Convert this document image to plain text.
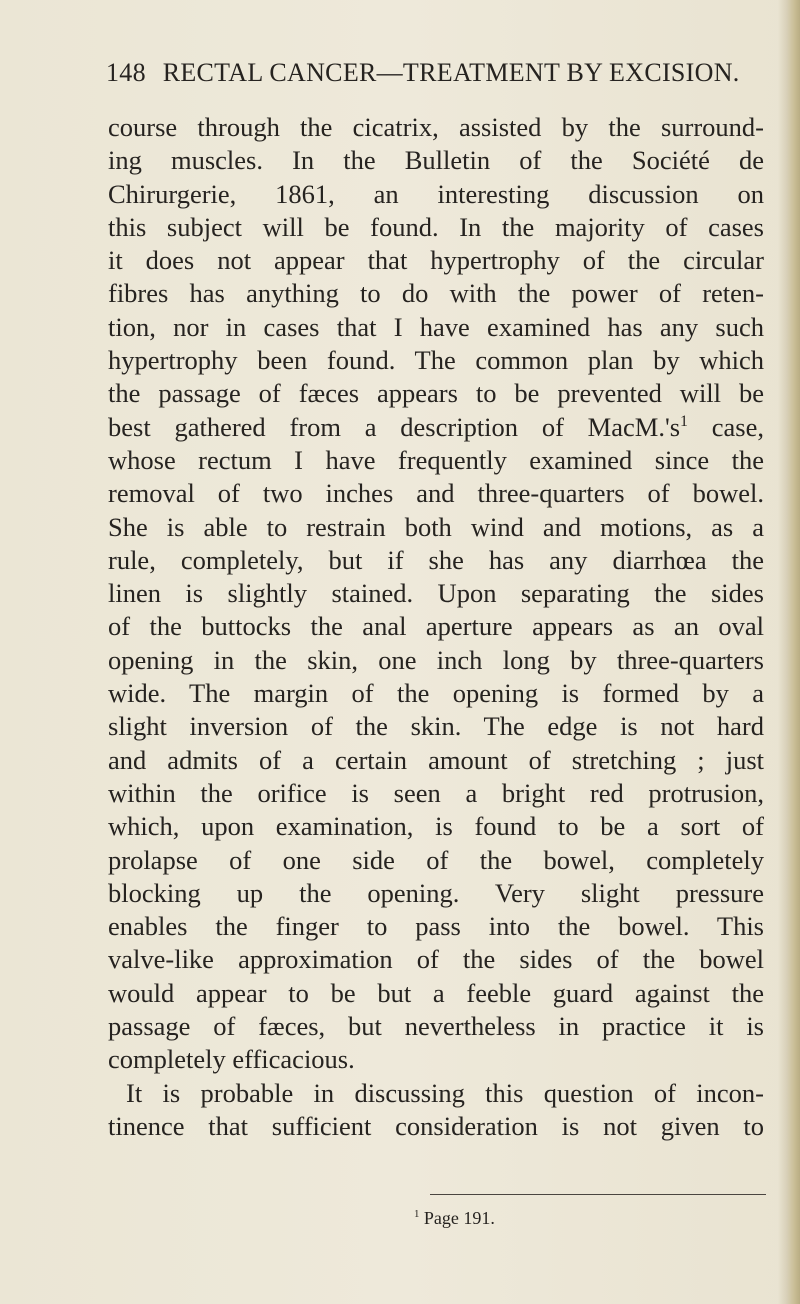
148 RECTAL CANCER—TREATMENT BY EXCISION.
course through the cicatrix, assisted by the surround-
ing muscles. In the Bulletin of the Société de
Chirurgerie, 1861, an interesting discussion on
this subject will be found. In the majority of cases
it does not appear that hypertrophy of the circular
fibres has anything to do with the power of reten-
tion, nor in cases that I have examined has any such
hypertrophy been found. The common plan by which
the passage of fæces appears to be prevented will be
best gathered from a description of $MacM.'s^1$ case,
whose rectum I have frequently examined since the
removal of two inches and three-quarters of bowel.
She is able to restrain both wind and motions, as a
rule, completely, but if she has any diarrhœa the
linen is slightly stained. Upon separating the sides
of the buttocks the anal aperture appears as an oval
opening in the skin, one inch long by three-quarters
wide. The margin of the opening is formed by a
slight inversion of the skin. The edge is not hard
and admits of a certain amount of stretching ; just
within the orifice is seen a bright red protrusion,
which, upon examination, is found to be a sort of
prolapse of one side of the bowel, completely
blocking up the opening. Very slight pressure
enables the finger to pass into the bowel. This
valve-like approximation of the sides of the bowel
would appear to be but a feeble guard against the
passage of fæces, but nevertheless in practice it is
completely efficacious.
It is probable in discussing this question of incon-
tinence that sufficient consideration is not given to
$^1$ Page 191.
